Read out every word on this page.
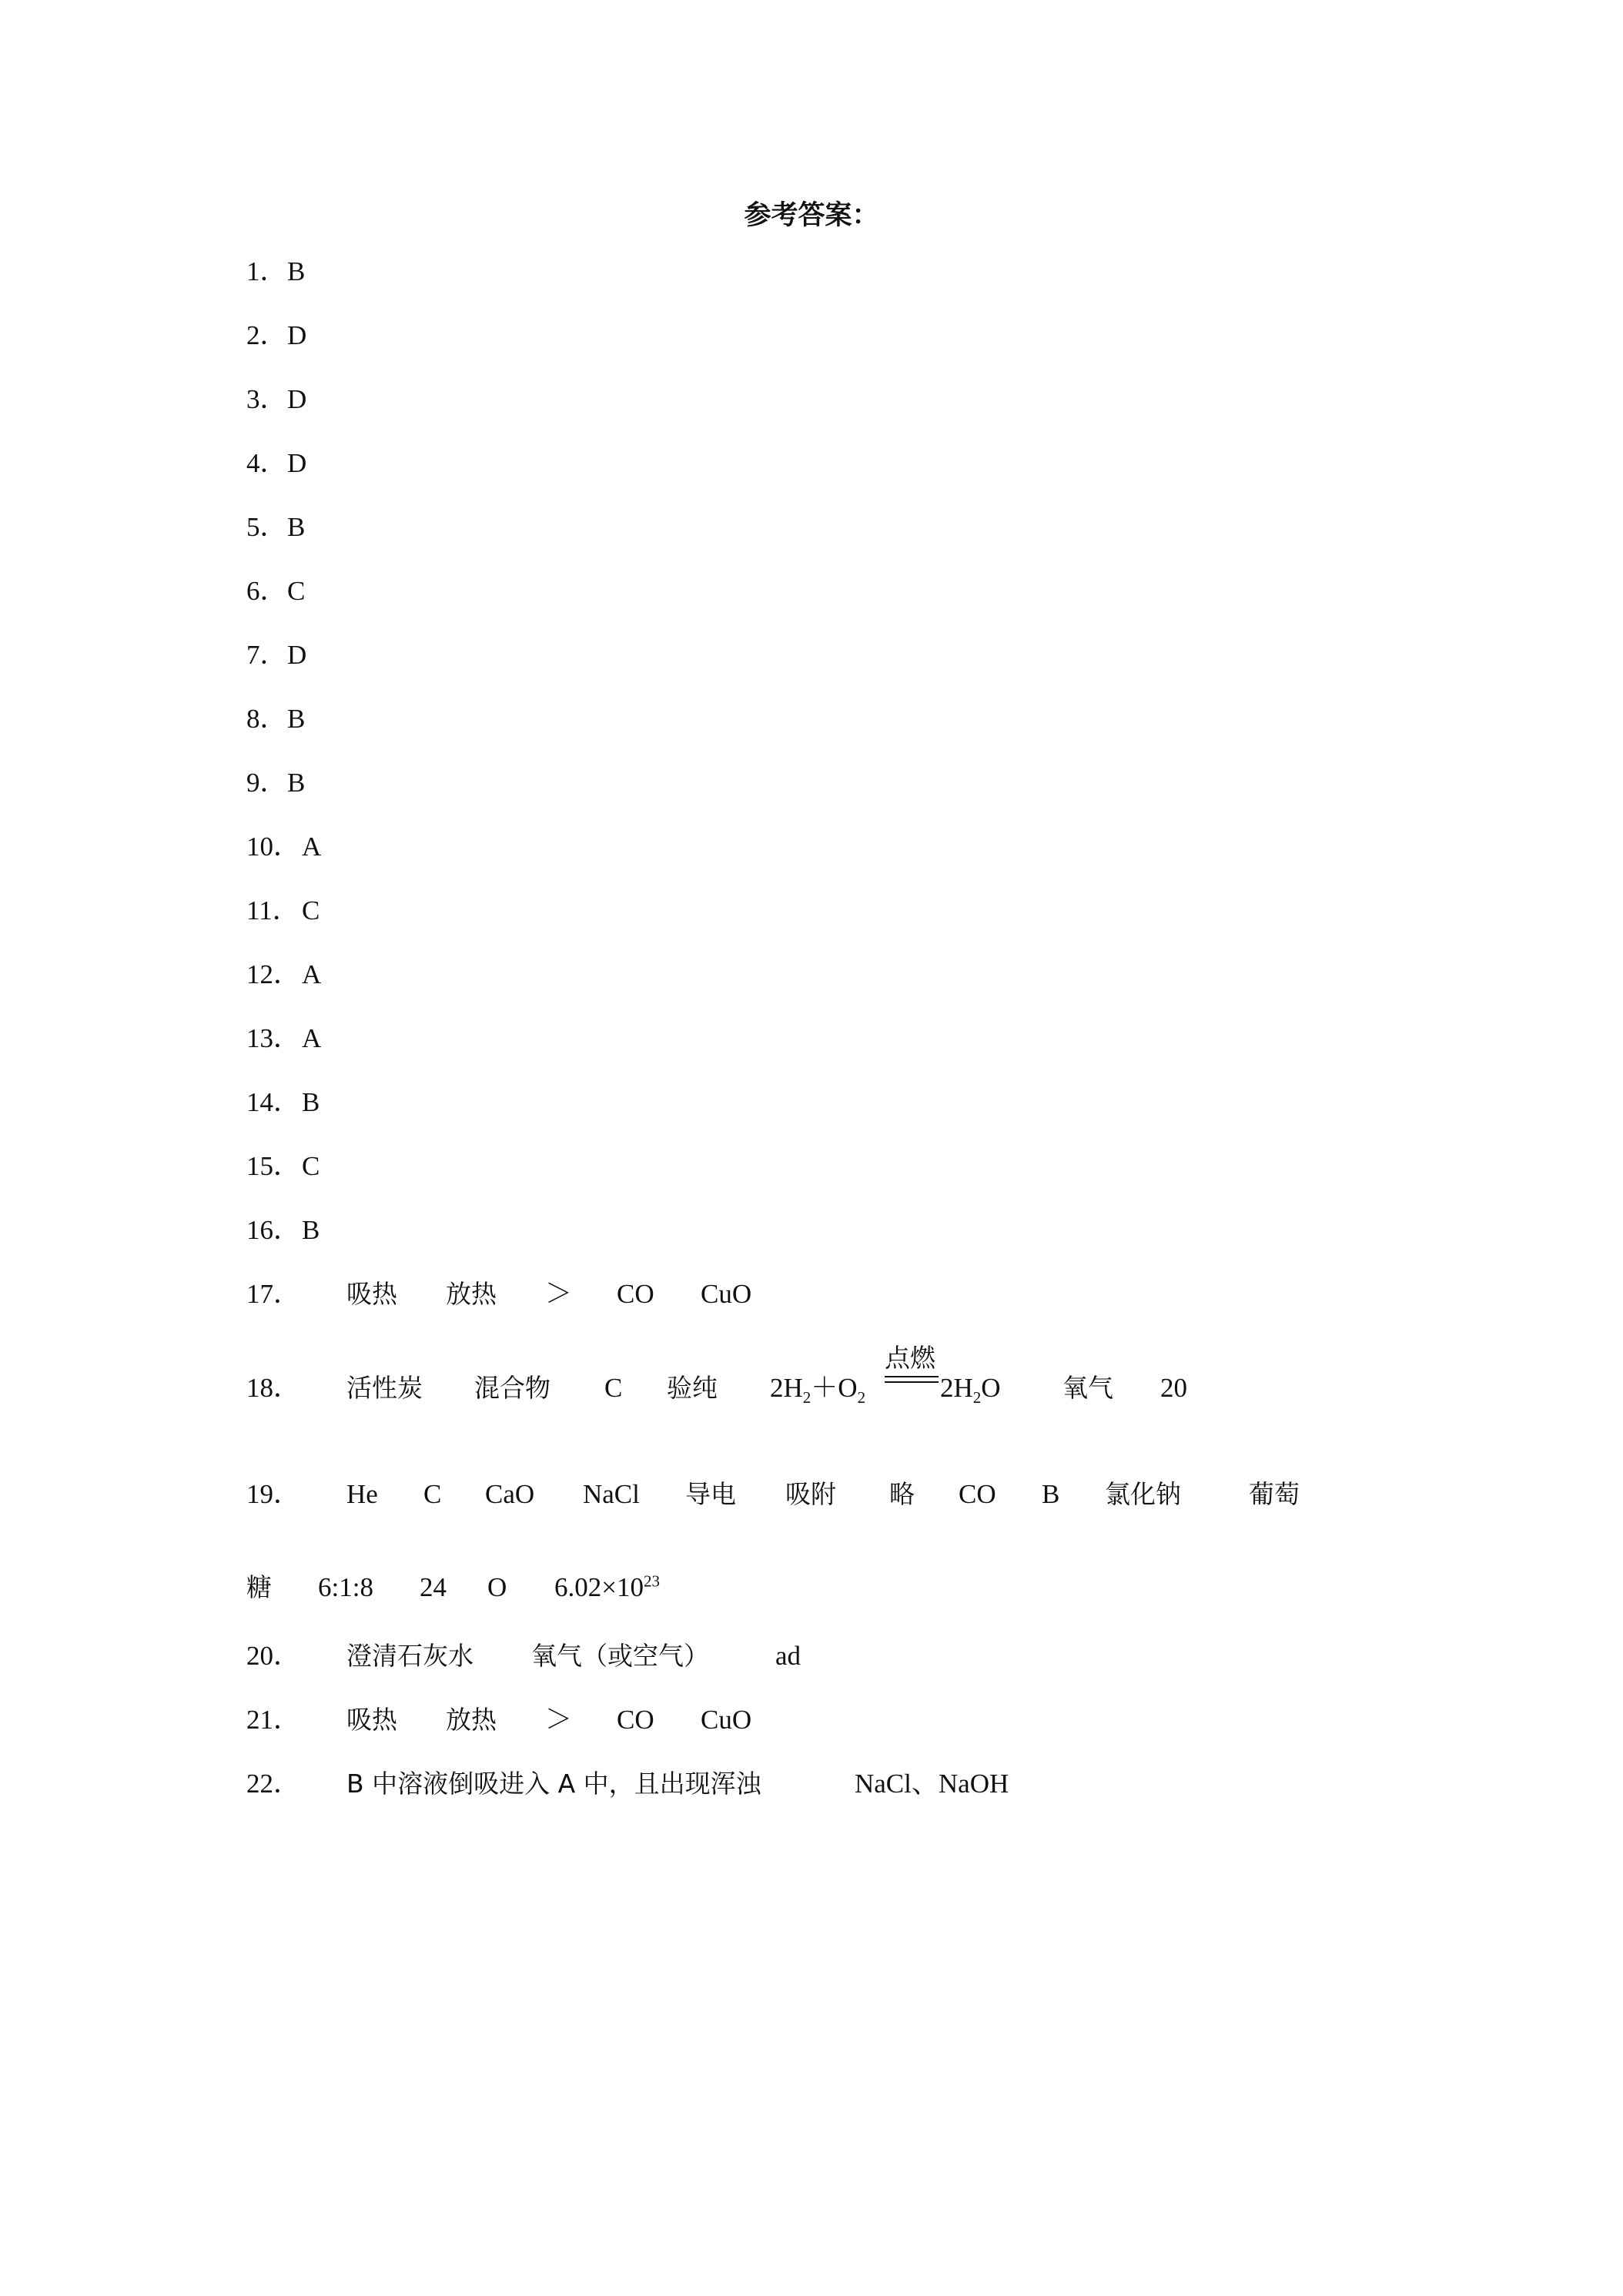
参考答案：
1． B
2． D
3． D
4． D
5． B
6． C
7． D
8． B
9． B
10． A
11． C
12． A
13． A
14． B
15． C
16． B
17． 吸热 放热 ＞ CO CuO
18． 活性炭 混合物 C 验纯 $2H_2+O_2$
点燃
$2H_2O$ 氧气 20
19． He C CaO NaCl 导电 吸附 略 CO B 氯化钠	葡萄
糖 6:1:8 24 O $6.02\times 10^{23}$
20． 澄清石灰水 氧气（或空气） ad
21． 吸热 放热 ＞ CO CuO
22． B 中溶液倒吸进入 A 中，且出现浑浊	NaCl、NaOH
